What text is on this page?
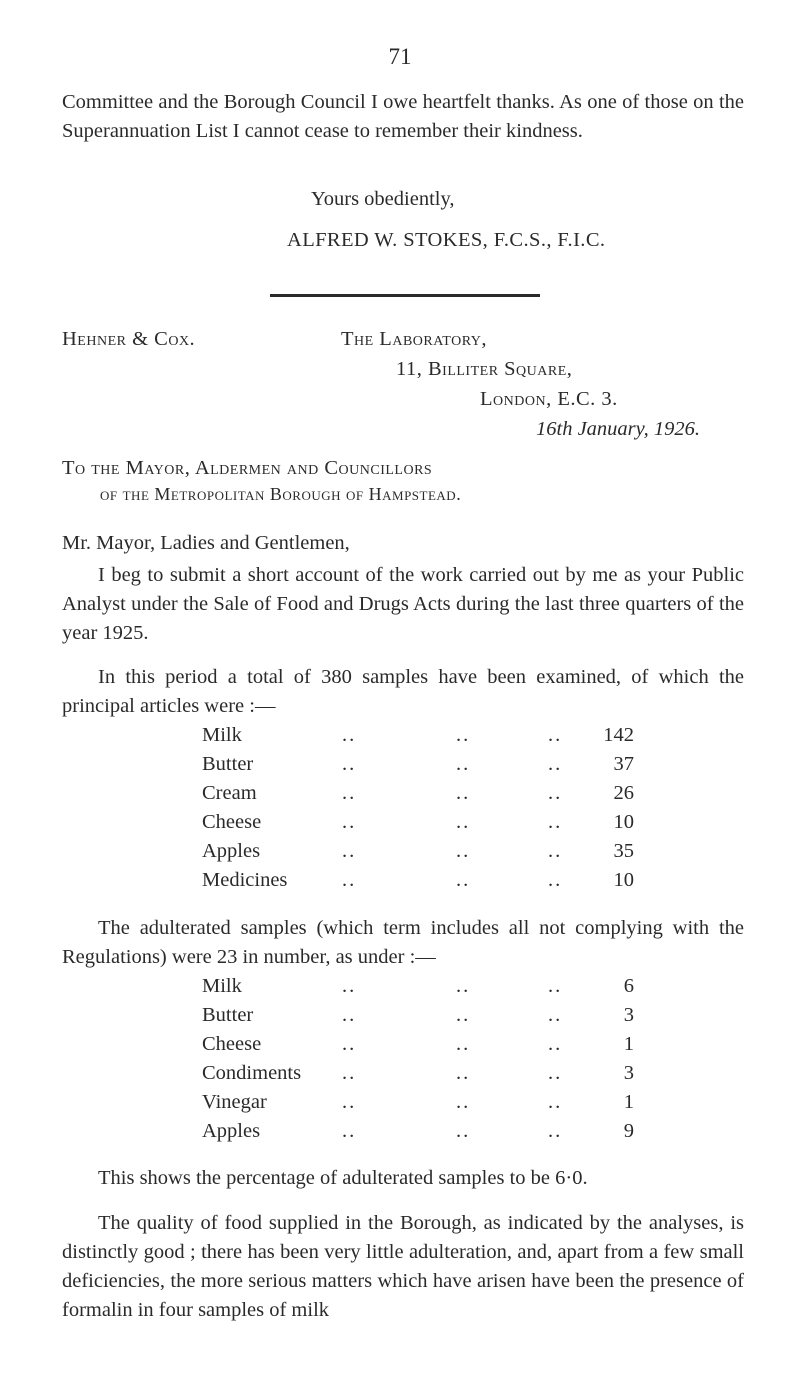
71

Committee and the Borough Council I owe heartfelt thanks. As one of those on the Superannuation List I cannot cease to remember their kindness.

Yours obediently,
ALFRED W. STOKES, F.C.S., F.I.C.
Hehner & Cox.	The Laboratory,
11, Billiter Square,
London, E.C. 3.
16th January, 1926.
To the Mayor, Aldermen and Councillors
of the Metropolitan Borough of Hampstead.
Mr. Mayor, Ladies and Gentlemen,

I beg to submit a short account of the work carried out by me as your Public Analyst under the Sale of Food and Drugs Acts during the last three quarters of the year 1925.

In this period a total of 380 samples have been examined, of which the principal articles were :—

Milk	..	..	..	142
Butter	..	..	..	37
Cream	..	..	..	26
Cheese	..	..	..	10
Apples	..	..	..	35
Medicines	..	..	..	10

The adulterated samples (which term includes all not complying with the Regulations) were 23 in number, as under :—

Milk	..	..	..	6
Butter	..	..	..	3
Cheese	..	..	..	1
Condiments ..	..	..	3
Vinegar	..	..	..	1
Apples	..	..	..	9

This shows the percentage of adulterated samples to be 6·0.

The quality of food supplied in the Borough, as indicated by the analyses, is distinctly good ; there has been very little adulteration, and, apart from a few small deficiencies, the more serious matters which have arisen have been the presence of formalin in four samples of milk
